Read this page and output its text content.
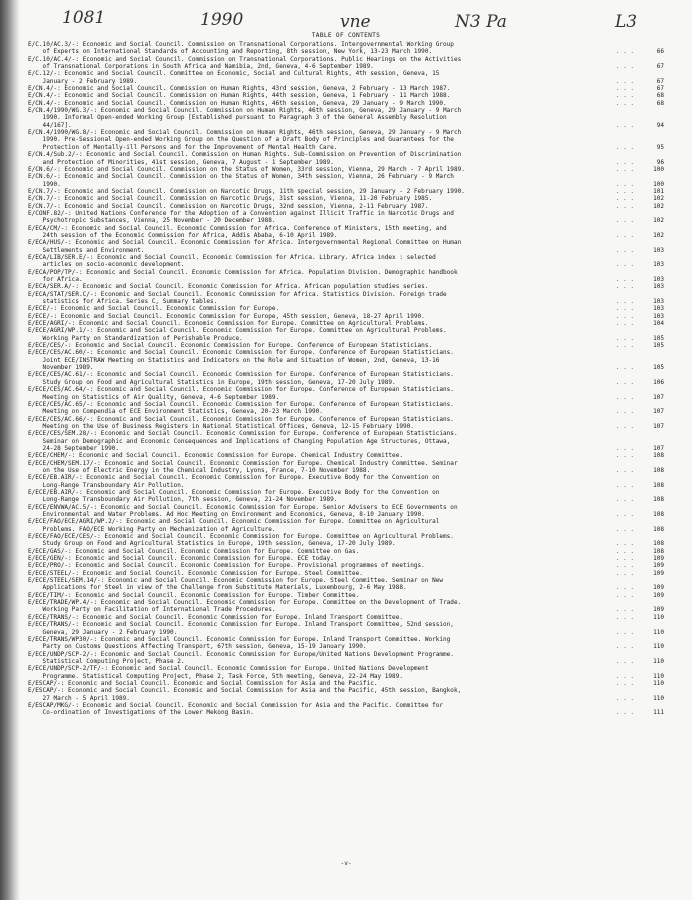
1081	1990	vne	N3 Pa	L3
TABLE OF CONTENTS
E/C.10/AC.3/-: Economic and Social Council. Commission on Transnational Corporations. Intergovernmental Working Group
of Experts on International Standards of Accounting and Reporting, 8th session, New York, 13-23 March 1990.	. . .	66
E/C.10/AC.4/-: Economic and Social Council. Commission on Transnational Corporations. Public Hearings on the Activities
of Transnational Corporations in South Africa and Namibia, 2nd, Geneva, 4-6 September 1989.	. . .	67
E/C.12/-: Economic and Social Council. Committee on Economic, Social and Cultural Rights, 4th session, Geneva, 15
January - 2 February 1989.	. . .	67
E/CN.4/-: Economic and Social Council. Commission on Human Rights, 43rd session, Geneva, 2 February - 13 March 1987.	. . .	67
E/CN.4/-: Economic and Social Council. Commission on Human Rights, 44th session, Geneva, 1 February - 11 March 1988.	. . .	68
E/CN.4/-: Economic and Social Council. Commission on Human Rights, 46th session, Geneva, 29 January - 9 March 1990.	. . .	68
E/CN.4/1990/WG.3/-: Economic and Social Council. Commission on Human Rights, 46th session, Geneva, 29 January - 9 March
1990. Informal Open-ended Working Group [Established pursuant to Paragraph 3 of the General Assembly Resolution
44/167].	. . .	94
E/CN.4/1990/WG.8/-: Economic and Social Council. Commission on Human Rights, 46th session, Geneva, 29 January - 9 March
1990. Pre-Sessional Open-ended Working Group on the Question of a Draft Body of Principles and Guarantees for the
Protection of Mentally-ill Persons and for the Improvement of Mental Health Care.	. . .	95
E/CN.4/Sub.2/-: Economic and Social Council. Commission on Human Rights. Sub-Commission on Prevention of Discrimination
and Protection of Minorities, 41st session, Geneva, 7 August - 1 September 1989.	. . .	96
E/CN.6/-: Economic and Social Council. Commission on the Status of Women, 33rd session, Vienna, 29 March - 7 April 1989.	. . .	100
E/CN.6/-: Economic and Social Council. Commission on the Status of Women, 34th session, Vienna, 26 February - 9 March
1990.	. . .	100
E/CN.7/-: Economic and Social Council. Commission on Narcotic Drugs, 11th special session, 29 January - 2 February 1990.	. . .	101
E/CN.7/-: Economic and Social Council. Commission on Narcotic Drugs, 31st session, Vienna, 11-20 February 1985.	. . .	102
E/CN.7/-: Economic and Social Council. Commission on Narcotic Drugs, 32nd session, Vienna, 2-11 February 1987.	. . .	102
E/CONF.82/-: United Nations Conference for the Adoption of a Convention against Illicit Traffic in Narcotic Drugs and
Psychotropic Substances, Vienna, 25 November - 20 December 1988.	. . .	102
E/ECA/CM/-: Economic and Social Council. Economic Commission for Africa. Conference of Ministers, 15th meeting, and
24th session of the Economic Commission for Africa, Addis Ababa, 6-10 April 1989.	. . .	102
E/ECA/HUS/-: Economic and Social Council. Economic Commission for Africa. Intergovernmental Regional Committee on Human
Settlements and Environment.	. . .	103
E/ECA/LIB/SER.E/-: Economic and Social Council. Economic Commission for Africa. Library. Africa index : selected
articles on socio-economic development.	. . .	103
E/ECA/POP/TP/-: Economic and Social Council. Economic Commission for Africa. Population Division. Demographic handbook
for Africa.	. . .	103
E/ECA/SER.A/-: Economic and Social Council. Economic Commission for Africa. African population studies series.	. . .	103
E/ECA/STAT/SER.C/-: Economic and Social Council. Economic Commission for Africa. Statistics Division. Foreign trade
statistics for Africa. Series C, Summary tables.	. . .	103
E/ECE/-: Economic and Social Council. Economic Commission for Europe.	. . .	103
E/ECE/-: Economic and Social Council. Economic Commission for Europe, 45th session, Geneva, 18-27 April 1990.	. . .	103
E/ECE/AGRI/-: Economic and Social Council. Economic Commission for Europe. Committee on Agricultural Problems.	. . .	104
E/ECE/AGRI/WP.1/-: Economic and Social Council. Economic Commission for Europe. Committee on Agricultural Problems.
Working Party on Standardization of Perishable Produce.	. . .	105
E/ECE/CES/-: Economic and Social Council. Economic Commission for Europe. Conference of European Statisticians.	. . .	105
E/ECE/CES/AC.60/-: Economic and Social Council. Economic Commission for Europe. Conference of European Statisticians.
Joint ECE/INSTRAW Meeting on Statistics and Indicators on the Role and Situation of Women, 2nd, Geneva, 13-16
November 1989.	. . .	105
E/ECE/CES/AC.61/-: Economic and Social Council. Economic Commission for Europe. Conference of European Statisticians.
Study Group on Food and Agricultural Statistics in Europe, 19th session, Geneva, 17-20 July 1989.	. . .	106
E/ECE/CES/AC.64/-: Economic and Social Council. Economic Commission for Europe. Conference of European Statisticians.
Meeting on Statistics of Air Quality, Geneva, 4-6 September 1989.	. . .	107
E/ECE/CES/AC.65/-: Economic and Social Council. Economic Commission for Europe. Conference of European Statisticians.
Meeting on Compendia of ECE Environment Statistics, Geneva, 20-23 March 1990.	. . .	107
E/ECE/CES/AC.66/-: Economic and Social Council. Economic Commission for Europe. Conference of European Statisticians.
Meeting on the Use of Business Registers in National Statistical Offices, Geneva, 12-15 February 1990.	. . .	107
E/ECE/CES/SEM.28/-: Economic and Social Council. Economic Commission for Europe. Conference of European Statisticians.
Seminar on Demographic and Economic Consequences and Implications of Changing Population Age Structures, Ottawa,
24-28 September 1990.	. . .	107
E/ECE/CHEM/-: Economic and Social Council. Economic Commission for Europe. Chemical Industry Committee.	. . .	108
E/ECE/CHEM/SEM.17/-: Economic and Social Council. Economic Commission for Europe. Chemical Industry Committee. Seminar
on the Use of Electric Energy in the Chemical Industry, Lyons, France, 7-10 November 1988.	. . .	108
E/ECE/EB.AIR/-: Economic and Social Council. Economic Commission for Europe. Executive Body for the Convention on
Long-Range Transboundary Air Pollution.	. . .	108
E/ECE/EB.AIR/-: Economic and Social Council. Economic Commission for Europe. Executive Body for the Convention on
Long-Range Transboundary Air Pollution, 7th session, Geneva, 21-24 November 1989.	. . .	108
E/ECE/ENVWA/AC.5/-: Economic and Social Council. Economic Commission for Europe. Senior Advisers to ECE Governments on
Environmental and Water Problems. Ad Hoc Meeting on Environment and Economics, Geneva, 8-10 January 1990.	. . .	108
E/ECE/FAO/ECE/AGRI/WP.2/-: Economic and Social Council. Economic Commission for Europe. Committee on Agricultural
Problems. FAO/ECE Working Party on Mechanization of Agriculture.	. . .	108
E/ECE/FAO/ECE/CES/-: Economic and Social Council. Economic Commission for Europe. Committee on Agricultural Problems.
Study Group on Food and Agricultural Statistics in Europe, 19th session, Geneva, 17-20 July 1989.	. . .	108
E/ECE/GAS/-: Economic and Social Council. Economic Commission for Europe. Committee on Gas.	. . .	108
E/ECE/GEN/-: Economic and Social Council. Economic Commission for Europe. ECE today.	. . .	109
E/ECE/PRO/-: Economic and Social Council. Economic Commission for Europe. Provisional programmes of meetings.	. . .	109
E/ECE/STEEL/-: Economic and Social Council. Economic Commission for Europe. Steel Committee.	. . .	109
E/ECE/STEEL/SEM.14/-: Economic and Social Council. Economic Commission for Europe. Steel Committee. Seminar on New
Applications for Steel in view of the Challenge from Substitute Materials, Luxembourg, 2-6 May 1988.	. . .	109
E/ECE/TIM/-: Economic and Social Council. Economic Commission for Europe. Timber Committee.	. . .	109
E/ECE/TRADE/WP.4/-: Economic and Social Council. Economic Commission for Europe. Committee on the Development of Trade.
Working Party on Facilitation of International Trade Procedures.	. . .	109
E/ECE/TRANS/-: Economic and Social Council. Economic Commission for Europe. Inland Transport Committee.	. . .	110
E/ECE/TRANS/-: Economic and Social Council. Economic Commission for Europe. Inland Transport Committee, 52nd session,
Geneva, 29 January - 2 February 1990.	. . .	110
E/ECE/TRANS/WP30/-: Economic and Social Council. Economic Commission for Europe. Inland Transport Committee. Working
Party on Customs Questions Affecting Transport, 67th session, Geneva, 15-19 January 1990.	. . .	110
E/ECE/UNDP/SCP-2/-: Economic and Social Council. Economic Commission for Europe/United Nations Development Programme.
Statistical Computing Project, Phase 2.	. . .	110
E/ECE/UNDP/SCP-2/TF/-: Economic and Social Council. Economic Commission for Europe. United Nations Development
Programme. Statistical Computing Project, Phase 2, Task Force, 5th meeting, Geneva, 22-24 May 1989.	. . .	110
E/ESCAP/-: Economic and Social Council. Economic and Social Commission for Asia and the Pacific.	. . .	110
E/ESCAP/-: Economic and Social Council. Economic and Social Commission for Asia and the Pacific, 45th session, Bangkok,
27 March - 5 April 1989.	. . .	110
E/ESCAP/MKG/-: Economic and Social Council. Economic and Social Commission for Asia and the Pacific. Committee for
Co-ordination of Investigations of the Lower Mekong Basin.	. . .	111
-v-
